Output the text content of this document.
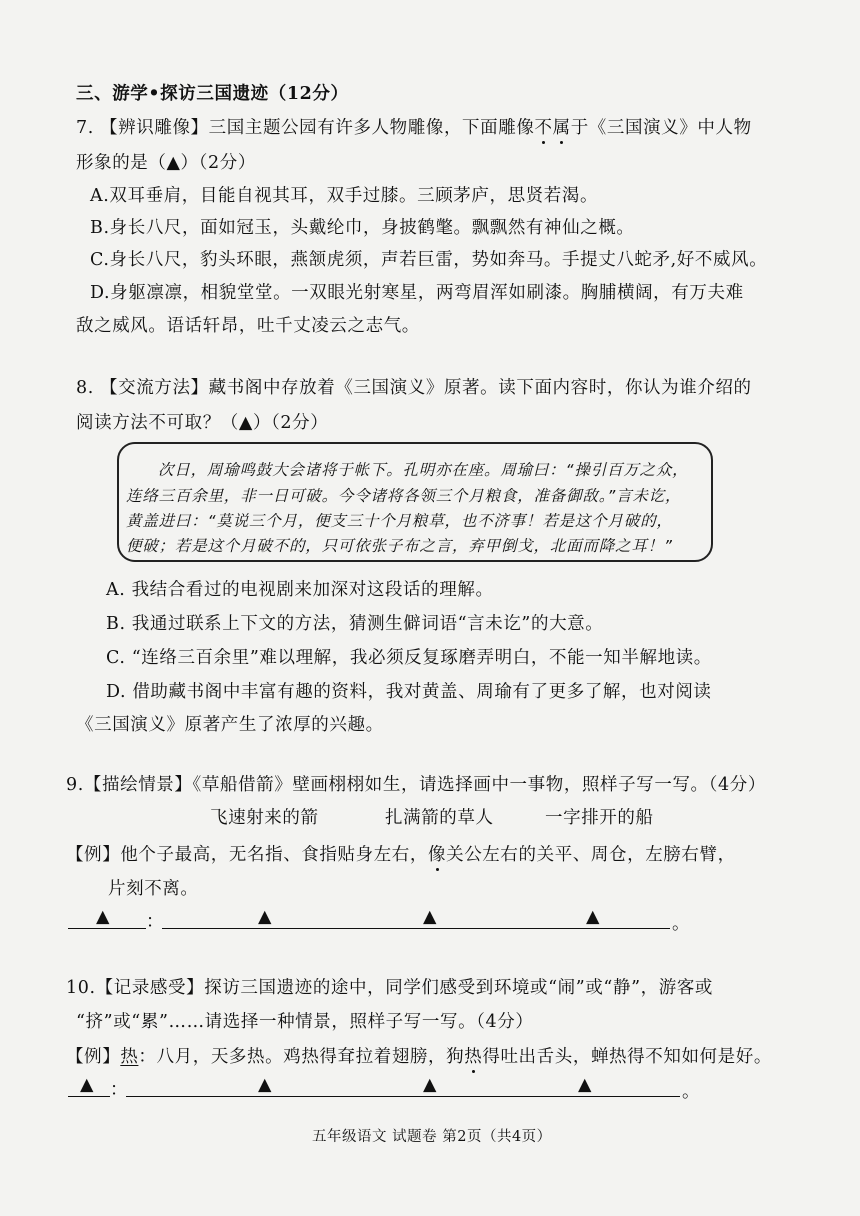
三、游学•探访三国遗迹（12分）
7. 【辨识雕像】三国主题公园有许多人物雕像，下面雕像不属于《三国演义》中人物
形象的是（▲）（2分）
A.双耳垂肩，目能自视其耳，双手过膝。三顾茅庐，思贤若渴。
B.身长八尺，面如冠玉，头戴纶巾，身披鹤氅。飘飘然有神仙之概。
C.身长八尺，豹头环眼，燕颔虎须，声若巨雷，势如奔马。手提丈八蛇矛,好不威风。
D.身躯凛凛，相貌堂堂。一双眼光射寒星，两弯眉浑如刷漆。胸脯横阔，有万夫难
敌之威风。语话轩昂，吐千丈凌云之志气。
8. 【交流方法】藏书阁中存放着《三国演义》原著。读下面内容时，你认为谁介绍的
阅读方法不可取？（▲）（2分）
次日，周瑜鸣鼓大会诸将于帐下。孔明亦在座。周瑜曰：“操引百万之众，
连络三百余里，非一日可破。今令诸将各领三个月粮食，准备御敌。”言未讫，
黄盖进曰：“莫说三个月，便支三十个月粮草，也不济事！若是这个月破的，
便破；若是这个月破不的，只可依张子布之言，弃甲倒戈，北面而降之耳！”
A. 我结合看过的电视剧来加深对这段话的理解。
B. 我通过联系上下文的方法，猜测生僻词语“言未讫”的大意。
C. “连络三百余里”难以理解，我必须反复琢磨弄明白，不能一知半解地读。
D. 借助藏书阁中丰富有趣的资料，我对黄盖、周瑜有了更多了解，也对阅读
《三国演义》原著产生了浓厚的兴趣。
9.【描绘情景】《草船借箭》壁画栩栩如生，请选择画中一事物，照样子写一写。（4分）
飞速射来的箭	扎满箭的草人	一字排开的船
【例】他个子最高，无名指、食指贴身左右，像关公左右的关平、周仓，左膀右臂，
片刻不离。
▲ ：	▲	▲	▲	。
10.【记录感受】探访三国遗迹的途中，同学们感受到环境或“闹”或“静”，游客或
“挤”或“累”……请选择一种情景，照样子写一写。（4分）
【例】热：八月，天多热。鸡热得耷拉着翅膀，狗热得吐出舌头，蝉热得不知如何是好。
▲ ：	▲	▲	▲	。
五年级语文 试题卷 第2页（共4页）
